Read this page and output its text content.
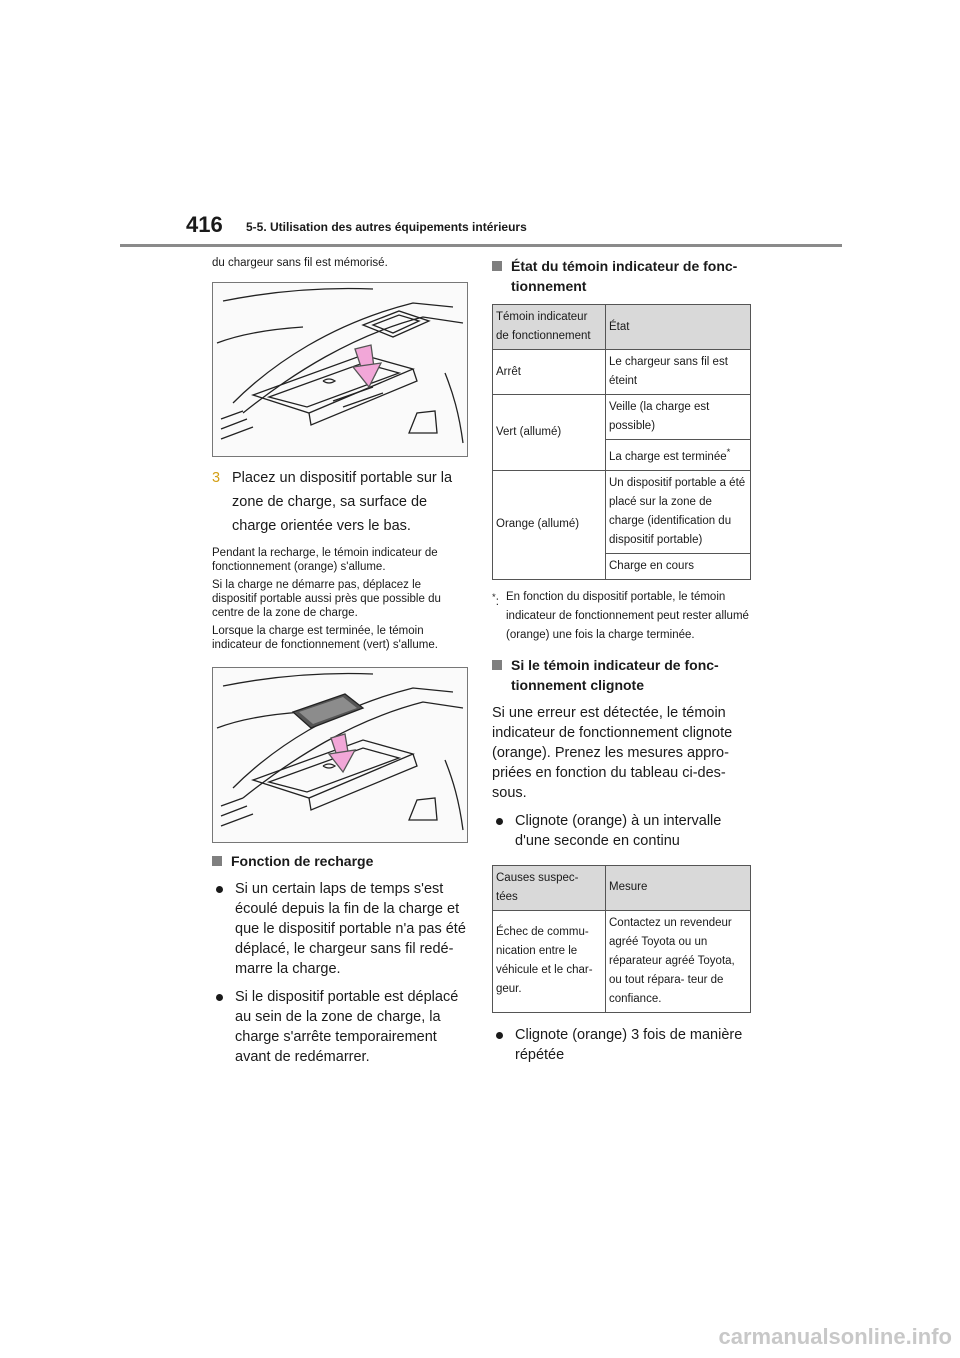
416 5-5. Utilisation des autres équipements intérieurs

du chargeur sans fil est mémorisé.

3 Placez un dispositif portable sur la zone de charge, sa surface de charge orientée vers le bas.

Pendant la recharge, le témoin indicateur de fonctionnement (orange) s'allume.

Si la charge ne démarre pas, déplacez le dispositif portable aussi près que possible du centre de la zone de charge.

Lorsque la charge est terminée, le témoin indicateur de fonctionnement (vert) s'allume.

Fonction de recharge

Si un certain laps de temps s'est écoulé depuis la fin de la charge et que le dispositif portable n'a pas été déplacé, le chargeur sans fil redé- marre la charge.
Si le dispositif portable est déplacé au sein de la zone de charge, la charge s'arrête temporairement avant de redémarrer.

État du témoin indicateur de fonc- tionnement

Témoin indicateur de fonctionnement	État
Arrêt	Le chargeur sans fil est éteint
Vert (allumé)	Veille (la charge est possible)
	La charge est terminée*
Orange (allumé)	Un dispositif portable a été placé sur la zone de charge (identification du dispositif portable)
	Charge en cours
*: En fonction du dispositif portable, le témoin indicateur de fonctionnement peut rester allumé (orange) une fois la charge terminée.

Si le témoin indicateur de fonc- tionnement clignote

Si une erreur est détectée, le témoin indicateur de fonctionnement clignote (orange). Prenez les mesures appro- priées en fonction du tableau ci-des- sous.

Clignote (orange) à un intervalle d'une seconde en continu
Causes suspec- tées	Mesure
Échec de commu- nication entre le véhicule et le char- geur.	Contactez un revendeur agréé Toyota ou un réparateur agréé Toyota, ou tout répara- teur de confiance.
Clignote (orange) 3 fois de manière répétée
carmanualsonline.info
